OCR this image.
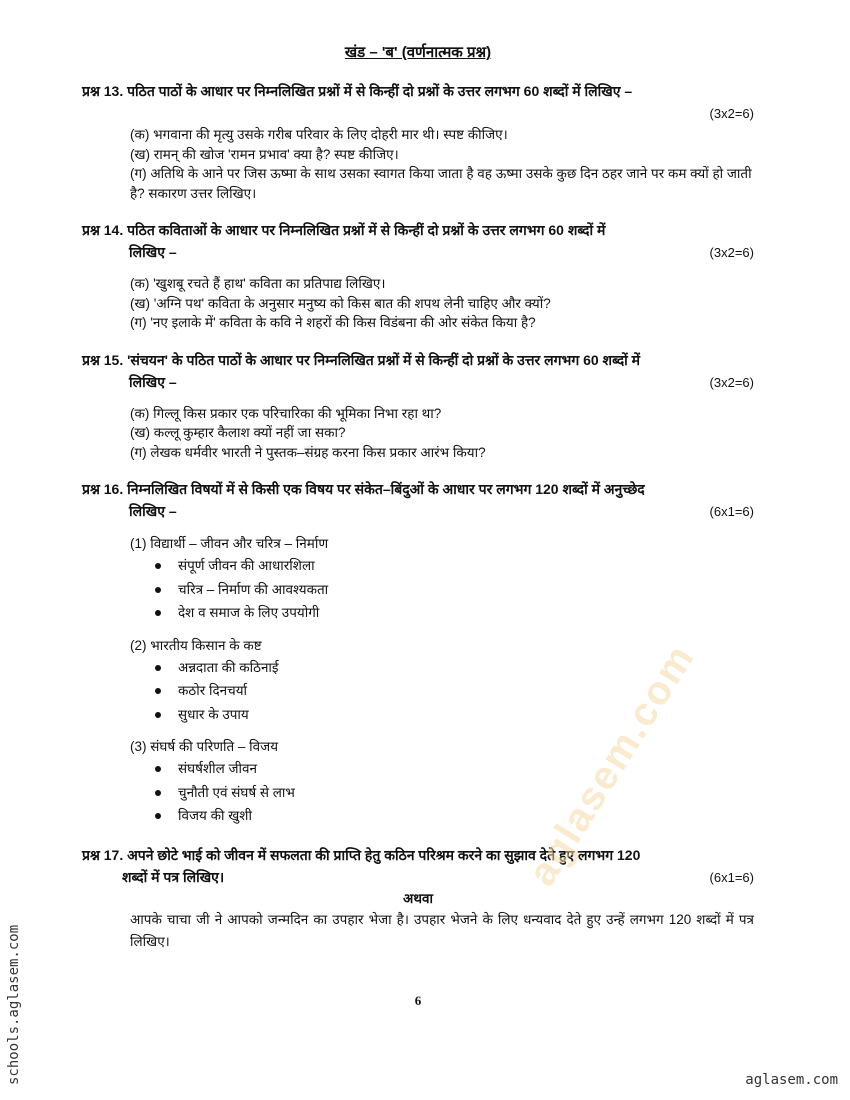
खंड – 'ब' (वर्णनात्मक प्रश्न)
प्रश्न 13. पठित पाठों के आधार पर निम्नलिखित प्रश्नों में से किन्हीं दो प्रश्नों के उत्तर लगभग 60 शब्दों में लिखिए –
(3x2=6)
(क) भगवाना की मृत्यु उसके गरीब परिवार के लिए दोहरी मार थी। स्पष्ट कीजिए।
(ख) रामन् की खोज 'रामन प्रभाव' क्या है? स्पष्ट कीजिए।
(ग) अतिथि के आने पर जिस ऊष्मा के साथ उसका स्वागत किया जाता है वह ऊष्मा उसके कुछ दिन ठहर जाने पर कम क्यों हो जाती है? सकारण उत्तर लिखिए।
प्रश्न 14. पठित कविताओं के आधार पर निम्नलिखित प्रश्नों में से किन्हीं दो प्रश्नों के उत्तर लगभग 60 शब्दों में
लिखिए –	(3x2=6)
(क) 'खुशबू रचते हैं हाथ' कविता का प्रतिपाद्य लिखिए।
(ख) 'अग्नि पथ' कविता के अनुसार मनुष्य को किस बात की शपथ लेनी चाहिए और क्यों?
(ग) 'नए इलाके में' कविता के कवि ने शहरों की किस विडंबना की ओर संकेत किया है?
प्रश्न 15. 'संचयन' के पठित पाठों के आधार पर निम्नलिखित प्रश्नों में से किन्हीं दो प्रश्नों के उत्तर लगभग 60 शब्दों में
लिखिए –	(3x2=6)
(क) गिल्लू किस प्रकार एक परिचारिका की भूमिका निभा रहा था?
(ख) कल्लू कुम्हार कैलाश क्यों नहीं जा सका?
(ग) लेखक धर्मवीर भारती ने पुस्तक–संग्रह करना किस प्रकार आरंभ किया?
प्रश्न 16. निम्नलिखित विषयों में से किसी एक विषय पर संकेत–बिंदुओं के आधार पर लगभग 120 शब्दों में अनुच्छेद
लिखिए –	(6x1=6)
(1) विद्यार्थी – जीवन और चरित्र – निर्माण
संपूर्ण जीवन की आधारशिला
चरित्र – निर्माण की आवश्यकता
देश व समाज के लिए उपयोगी
(2) भारतीय किसान के कष्ट
अन्नदाता की कठिनाई
कठोर दिनचर्या
सुधार के उपाय
(3) संघर्ष की परिणति – विजय
संघर्षशील जीवन
चुनौती एवं संघर्ष से लाभ
विजय की खुशी
प्रश्न 17. अपने छोटे भाई को जीवन में सफलता की प्राप्ति हेतु कठिन परिश्रम करने का सुझाव देते हुए लगभग 120
शब्दों में पत्र लिखिए।	(6x1=6)
अथवा
आपके चाचा जी ने आपको जन्मदिन का उपहार भेजा है। उपहार भेजने के लिए धन्यवाद देते हुए उन्हें लगभग 120 शब्दों में पत्र लिखिए।
6
aglasem.com
schools.aglasem.com	aglasem.com
